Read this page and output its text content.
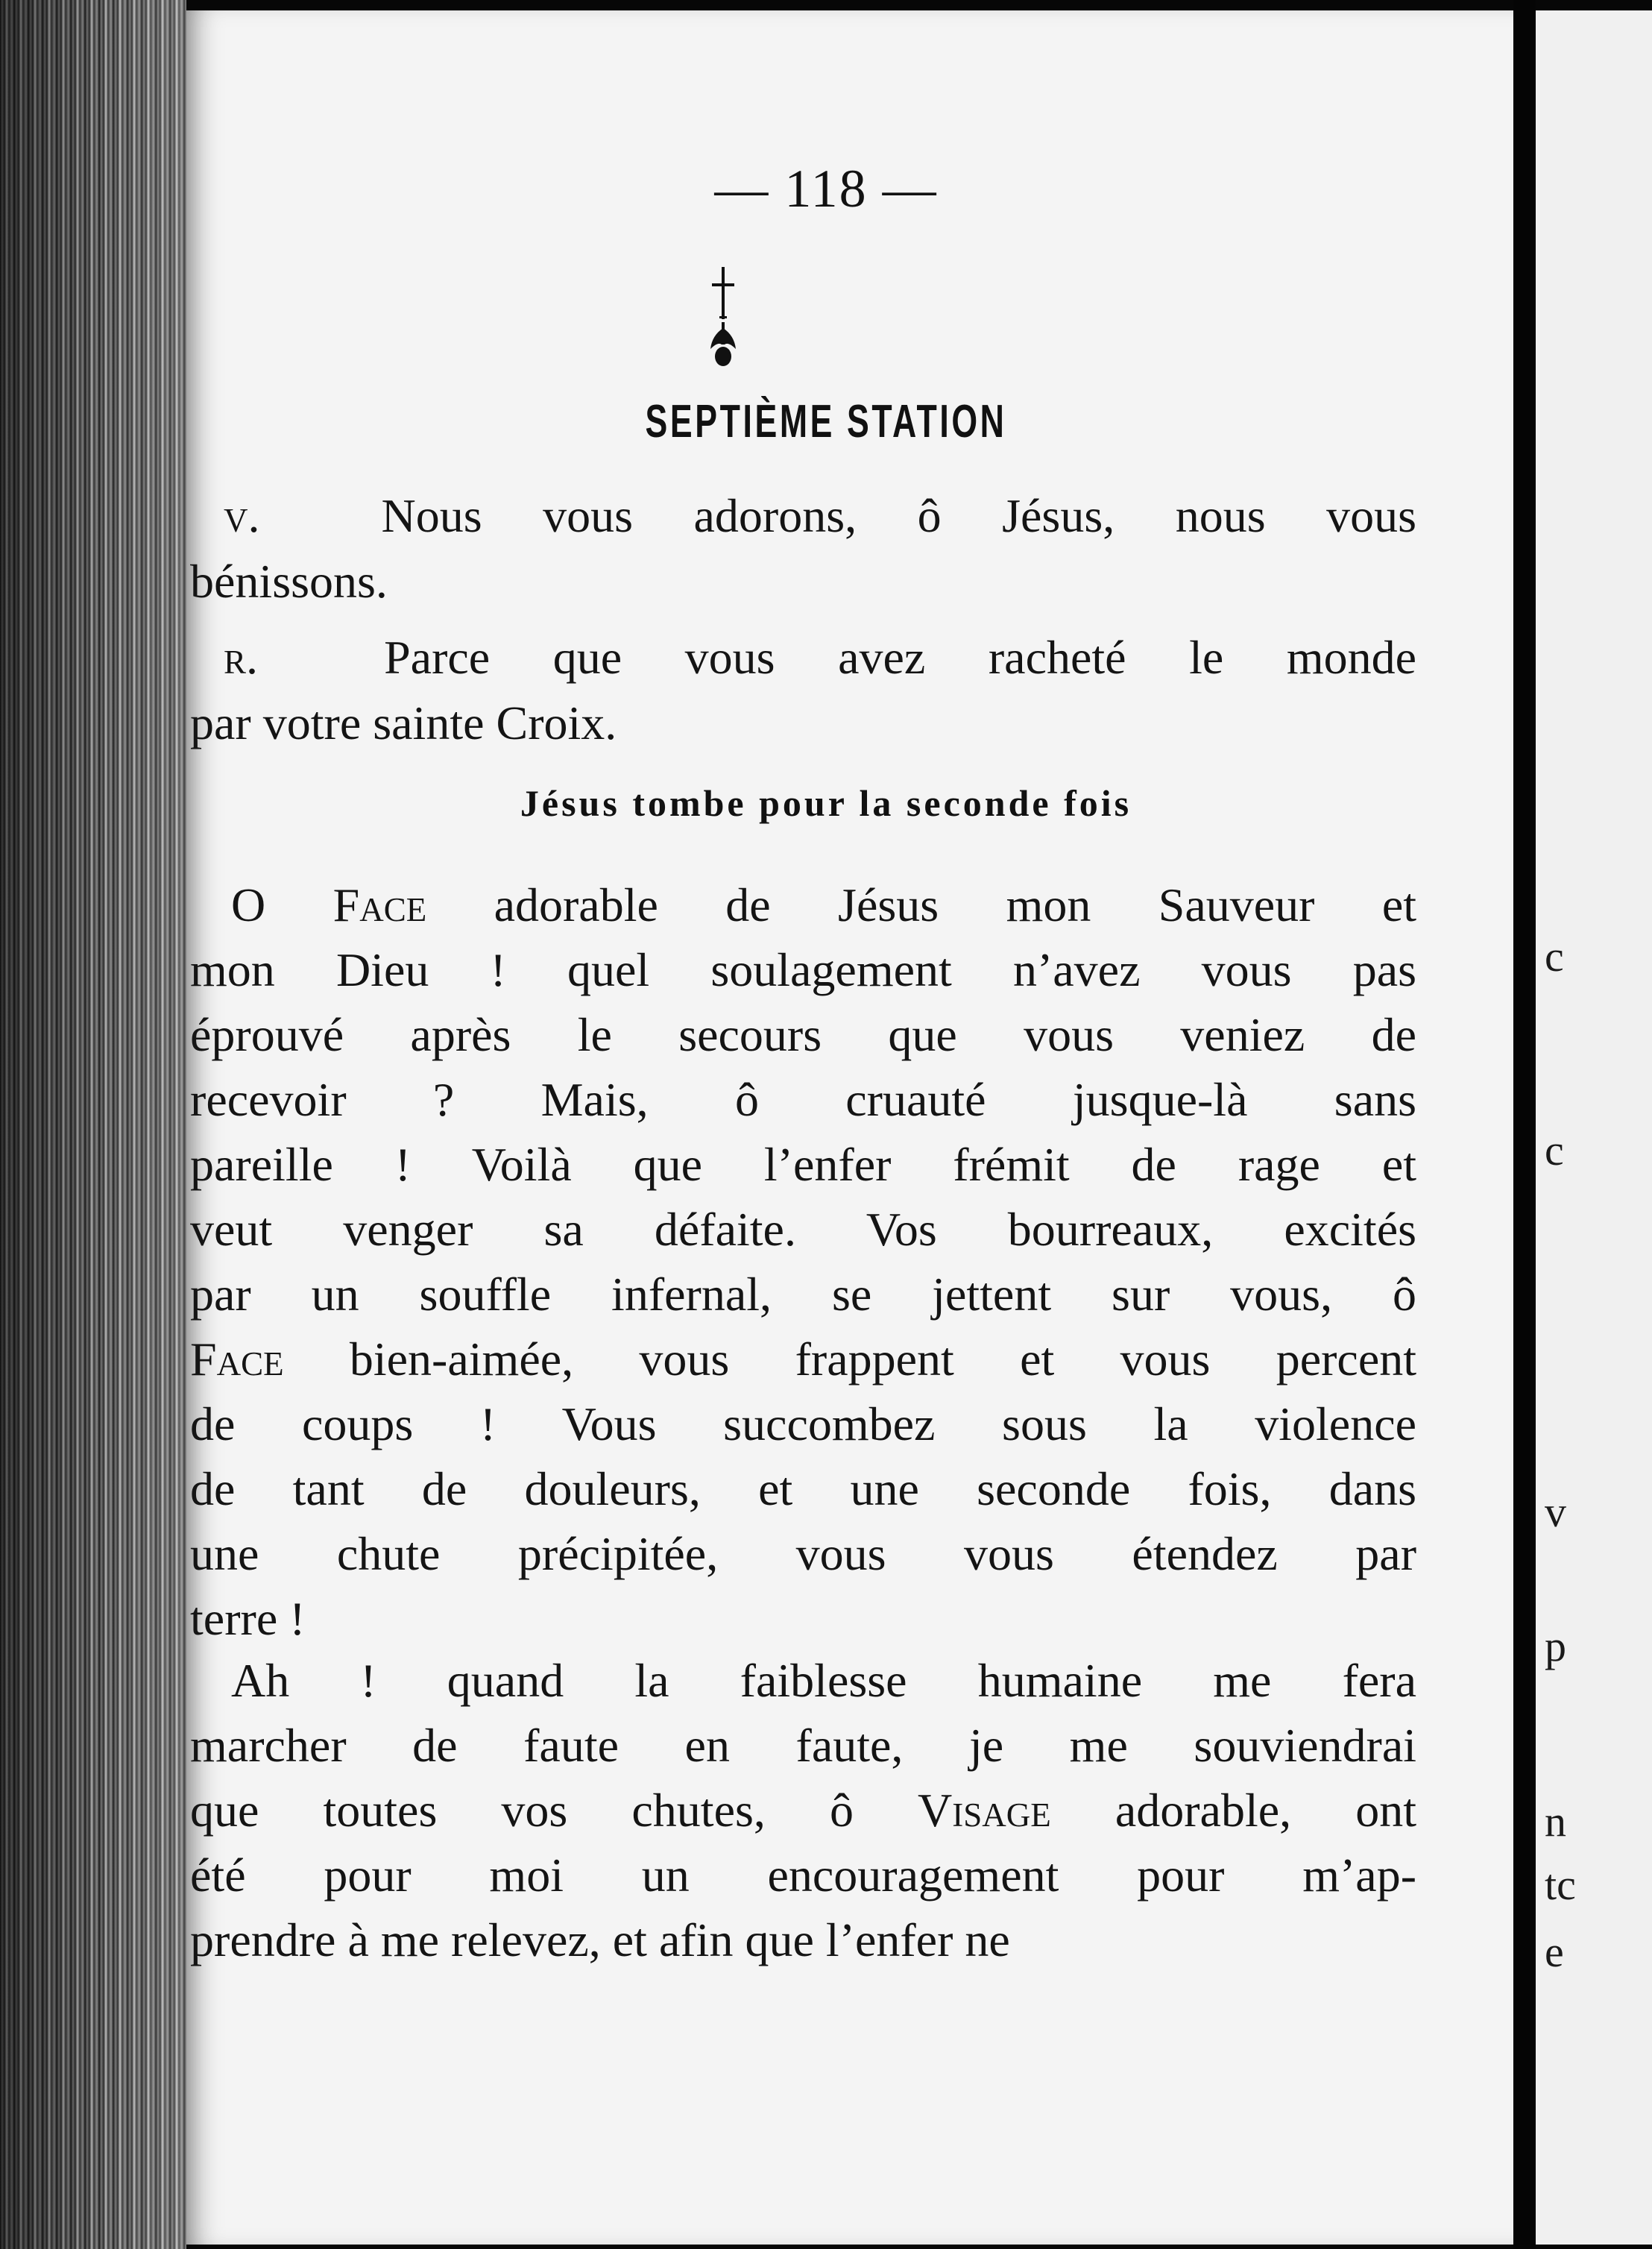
c
c
v
p
n
tc
e
— 118 —
SEPTIÈME STATION
v.	Nous vous adorons, ô Jésus, nous vous
bénissons.
r.	Parce que vous avez racheté le monde
par votre sainte Croix.
Jésus tombe pour la seconde fois
O Face adorable de Jésus mon Sauveur et
mon Dieu ! quel soulagement n’avez vous pas
éprouvé après le secours que vous veniez de
recevoir ? Mais, ô cruauté jusque-là sans
pareille ! Voilà que l’enfer frémit de rage et
veut venger sa défaite. Vos bourreaux, excités
par un souffle infernal, se jettent sur vous, ô
Face bien-aimée, vous frappent et vous percent
de coups ! Vous succombez sous la violence
de tant de douleurs, et une seconde fois, dans
une chute précipitée, vous vous étendez par
terre !
Ah ! quand la faiblesse humaine me fera
marcher de faute en faute, je me souviendrai
que toutes vos chutes, ô Visage adorable, ont
été pour moi un encouragement pour m’ap-
prendre à me relevez, et afin que l’enfer ne
